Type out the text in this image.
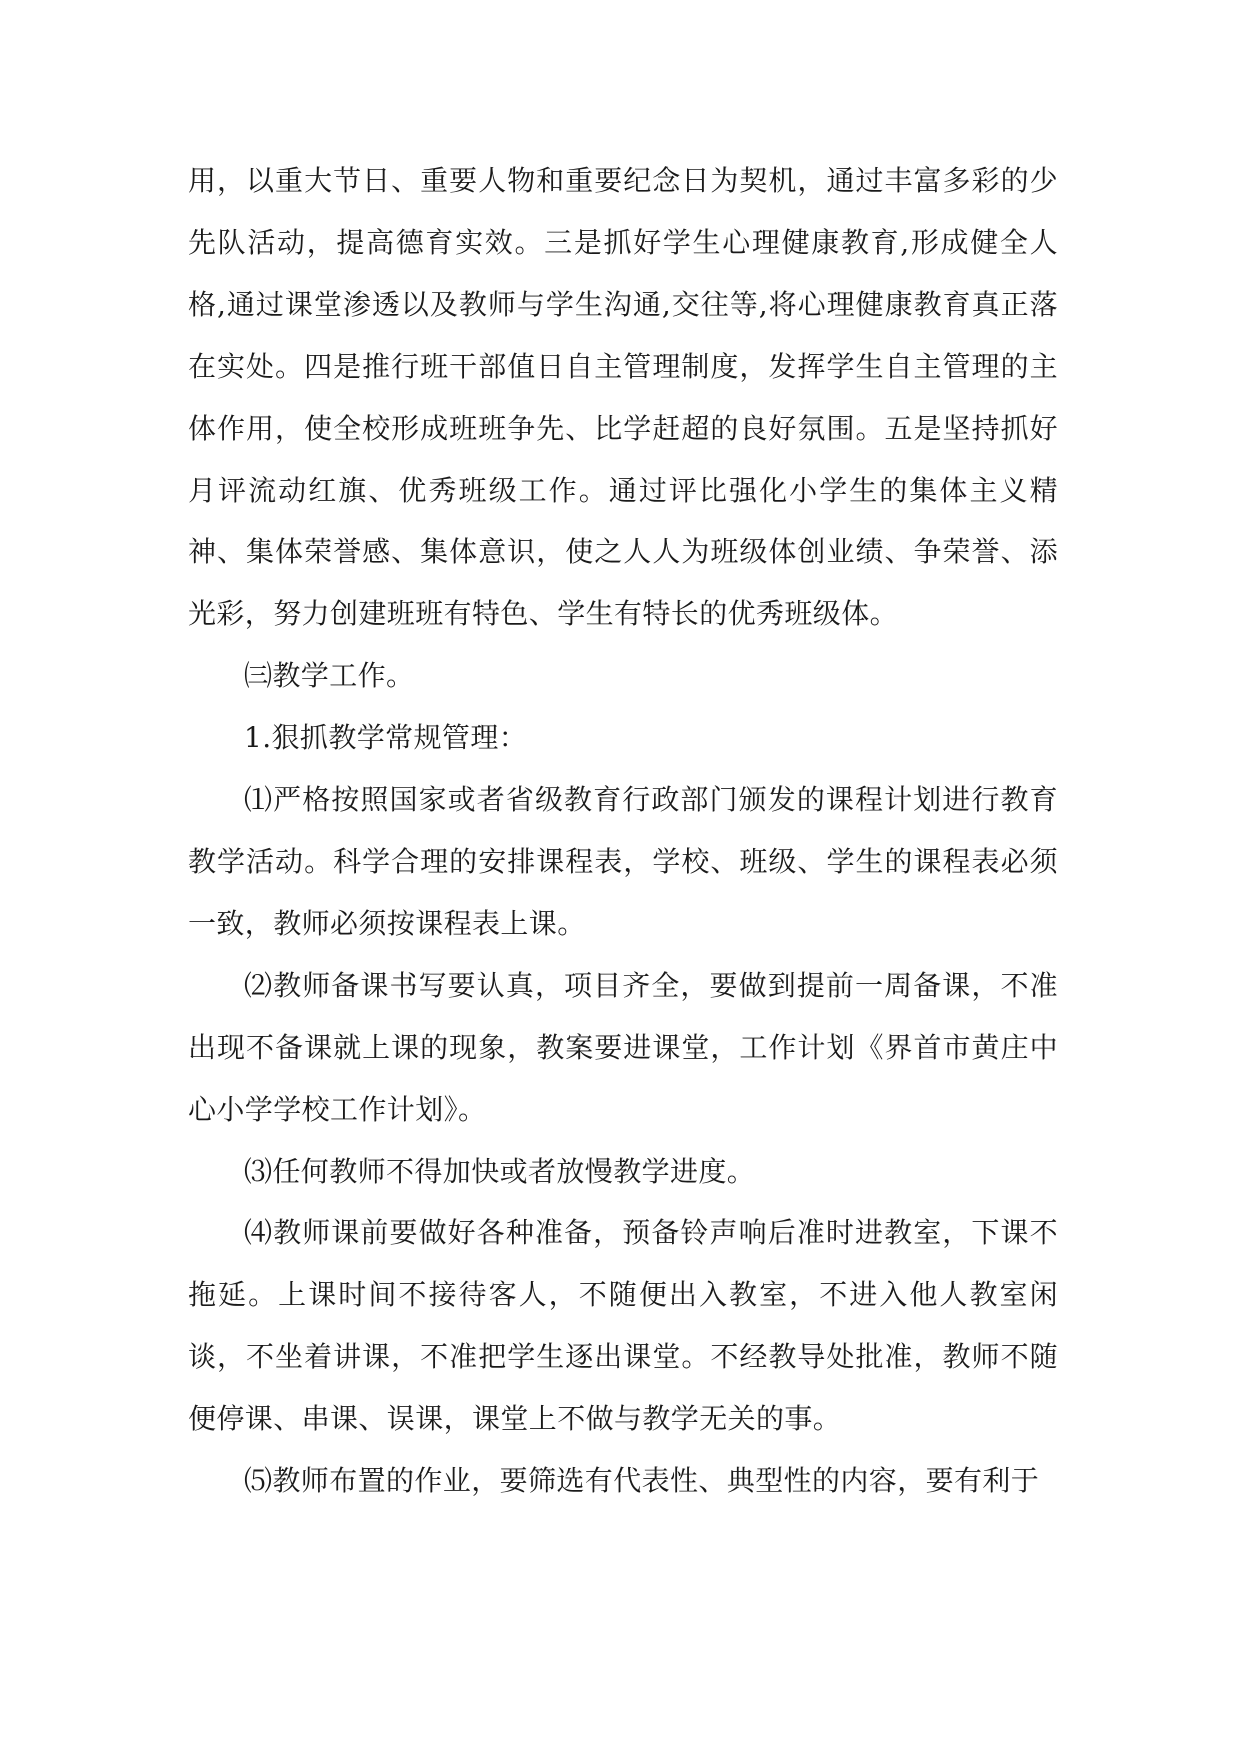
用，以重大节日、重要人物和重要纪念日为契机，通过丰富多彩的少先队活动，提高德育实效。三是抓好学生心理健康教育,形成健全人格,通过课堂渗透以及教师与学生沟通,交往等,将心理健康教育真正落在实处。四是推行班干部值日自主管理制度，发挥学生自主管理的主体作用，使全校形成班班争先、比学赶超的良好氛围。五是坚持抓好月评流动红旗、优秀班级工作。通过评比强化小学生的集体主义精神、集体荣誉感、集体意识，使之人人为班级体创业绩、争荣誉、添光彩，努力创建班班有特色、学生有特长的优秀班级体。

㈢教学工作。

1.狠抓教学常规管理：

⑴严格按照国家或者省级教育行政部门颁发的课程计划进行教育教学活动。科学合理的安排课程表，学校、班级、学生的课程表必须一致，教师必须按课程表上课。

⑵教师备课书写要认真，项目齐全，要做到提前一周备课，不准出现不备课就上课的现象，教案要进课堂，工作计划《界首市黄庄中心小学学校工作计划》。

⑶任何教师不得加快或者放慢教学进度。

⑷教师课前要做好各种准备，预备铃声响后准时进教室，下课不拖延。上课时间不接待客人，不随便出入教室，不进入他人教室闲谈，不坐着讲课，不准把学生逐出课堂。不经教导处批准，教师不随便停课、串课、误课，课堂上不做与教学无关的事。

⑸教师布置的作业，要筛选有代表性、典型性的内容，要有利于
